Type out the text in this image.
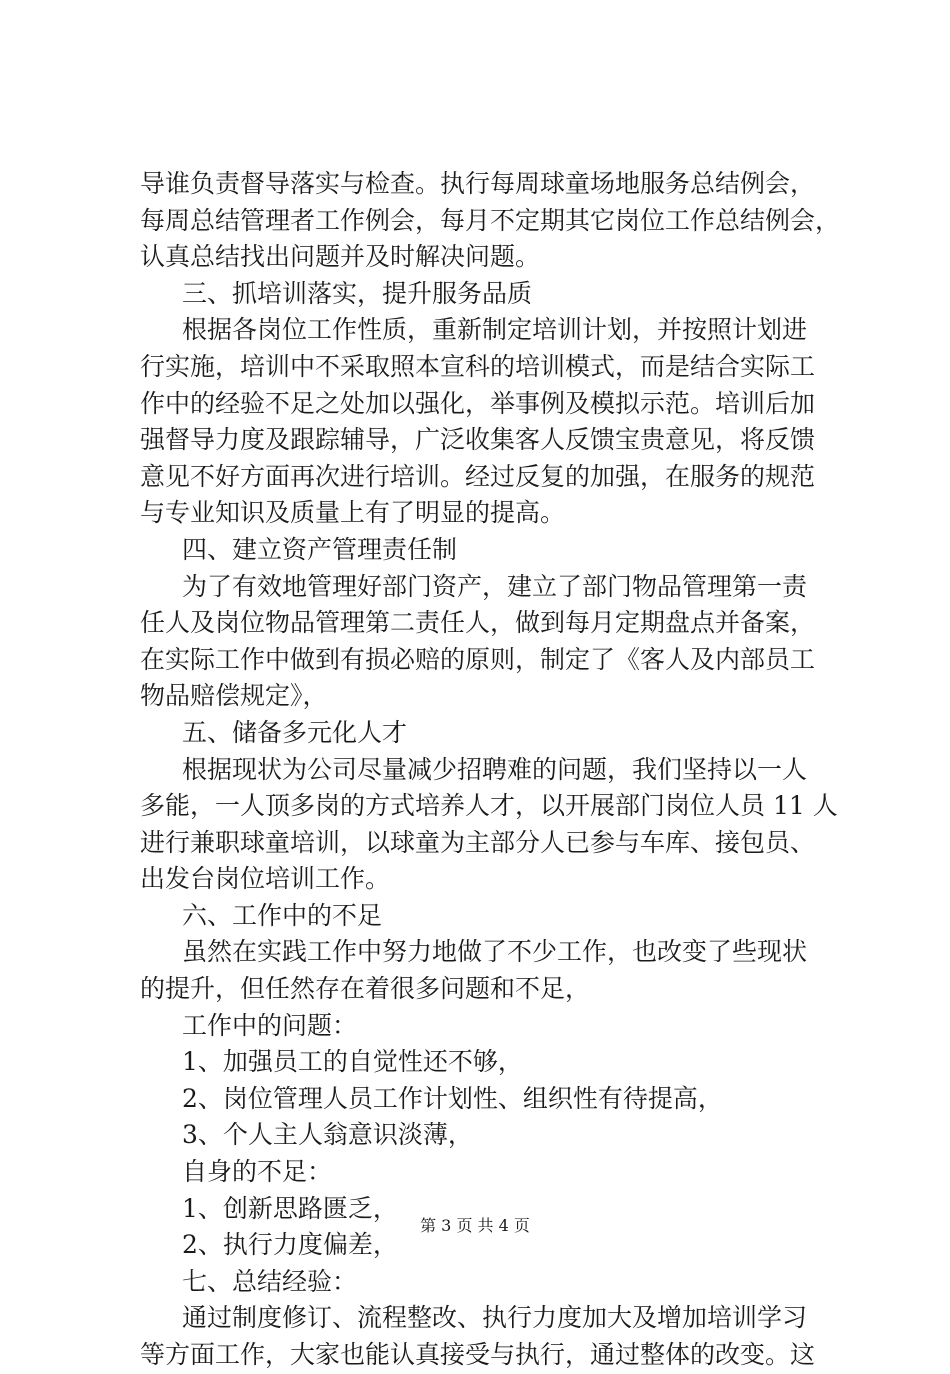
导谁负责督导落实与检查。执行每周球童场地服务总结例会，
每周总结管理者工作例会，每月不定期其它岗位工作总结例会，
认真总结找出问题并及时解决问题。
三、抓培训落实，提升服务品质
根据各岗位工作性质，重新制定培训计划，并按照计划进
行实施，培训中不采取照本宣科的培训模式，而是结合实际工
作中的经验不足之处加以强化，举事例及模拟示范。培训后加
强督导力度及跟踪辅导，广泛收集客人反馈宝贵意见，将反馈
意见不好方面再次进行培训。经过反复的加强，在服务的规范
与专业知识及质量上有了明显的提高。
四、建立资产管理责任制
为了有效地管理好部门资产，建立了部门物品管理第一责
任人及岗位物品管理第二责任人，做到每月定期盘点并备案，
在实际工作中做到有损必赔的原则，制定了《客人及内部员工
物品赔偿规定》，
五、储备多元化人才
根据现状为公司尽量减少招聘难的问题，我们坚持以一人
多能，一人顶多岗的方式培养人才，以开展部门岗位人员 11 人
进行兼职球童培训，以球童为主部分人已参与车库、接包员、
出发台岗位培训工作。
六、工作中的不足
虽然在实践工作中努力地做了不少工作，也改变了些现状
的提升，但任然存在着很多问题和不足，
工作中的问题：
1、加强员工的自觉性还不够，
2、岗位管理人员工作计划性、组织性有待提高，
3、个人主人翁意识淡薄，
自身的不足：
1、创新思路匮乏，
2、执行力度偏差，
七、总结经验：
通过制度修订、流程整改、执行力度加大及增加培训学习
等方面工作，大家也能认真接受与执行，通过整体的改变。这
第 3 页 共 4 页
